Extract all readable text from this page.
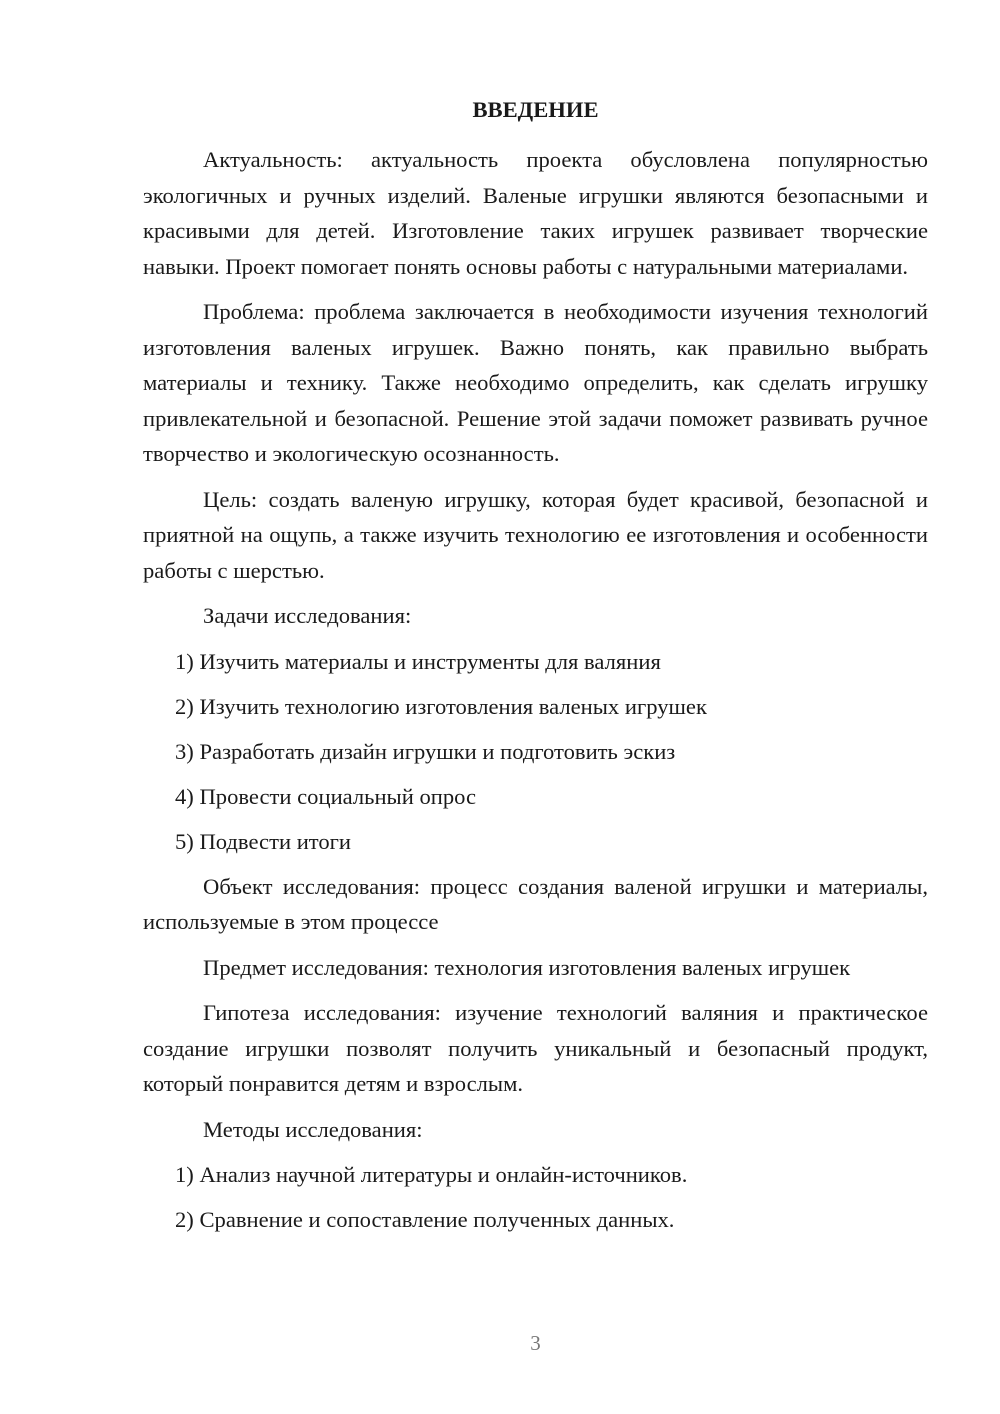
ВВЕДЕНИЕ

Актуальность: актуальность проекта обусловлена популярностью экологичных и ручных изделий. Валеные игрушки являются безопасными и красивыми для детей. Изготовление таких игрушек развивает творческие навыки. Проект помогает понять основы работы с натуральными материалами.

Проблема: проблема заключается в необходимости изучения технологий изготовления валеных игрушек. Важно понять, как правильно выбрать материалы и технику. Также необходимо определить, как сделать игрушку привлекательной и безопасной. Решение этой задачи поможет развивать ручное творчество и экологическую осознанность.

Цель: создать валеную игрушку, которая будет красивой, безопасной и приятной на ощупь, а также изучить технологию ее изготовления и особенности работы с шерстью.

Задачи исследования:

1) Изучить материалы и инструменты для валяния
2) Изучить технологию изготовления валеных игрушек
3) Разработать дизайн игрушки и подготовить эскиз
4) Провести социальный опрос
5) Подвести итоги

Объект исследования: процесс создания валеной игрушки и материалы, используемые в этом процессе

Предмет исследования: технология изготовления валеных игрушек

Гипотеза исследования: изучение технологий валяния и практическое создание игрушки позволят получить уникальный и безопасный продукт, который понравится детям и взрослым.

Методы исследования:

1) Анализ научной литературы и онлайн-источников.
2) Сравнение и сопоставление полученных данных.
3
